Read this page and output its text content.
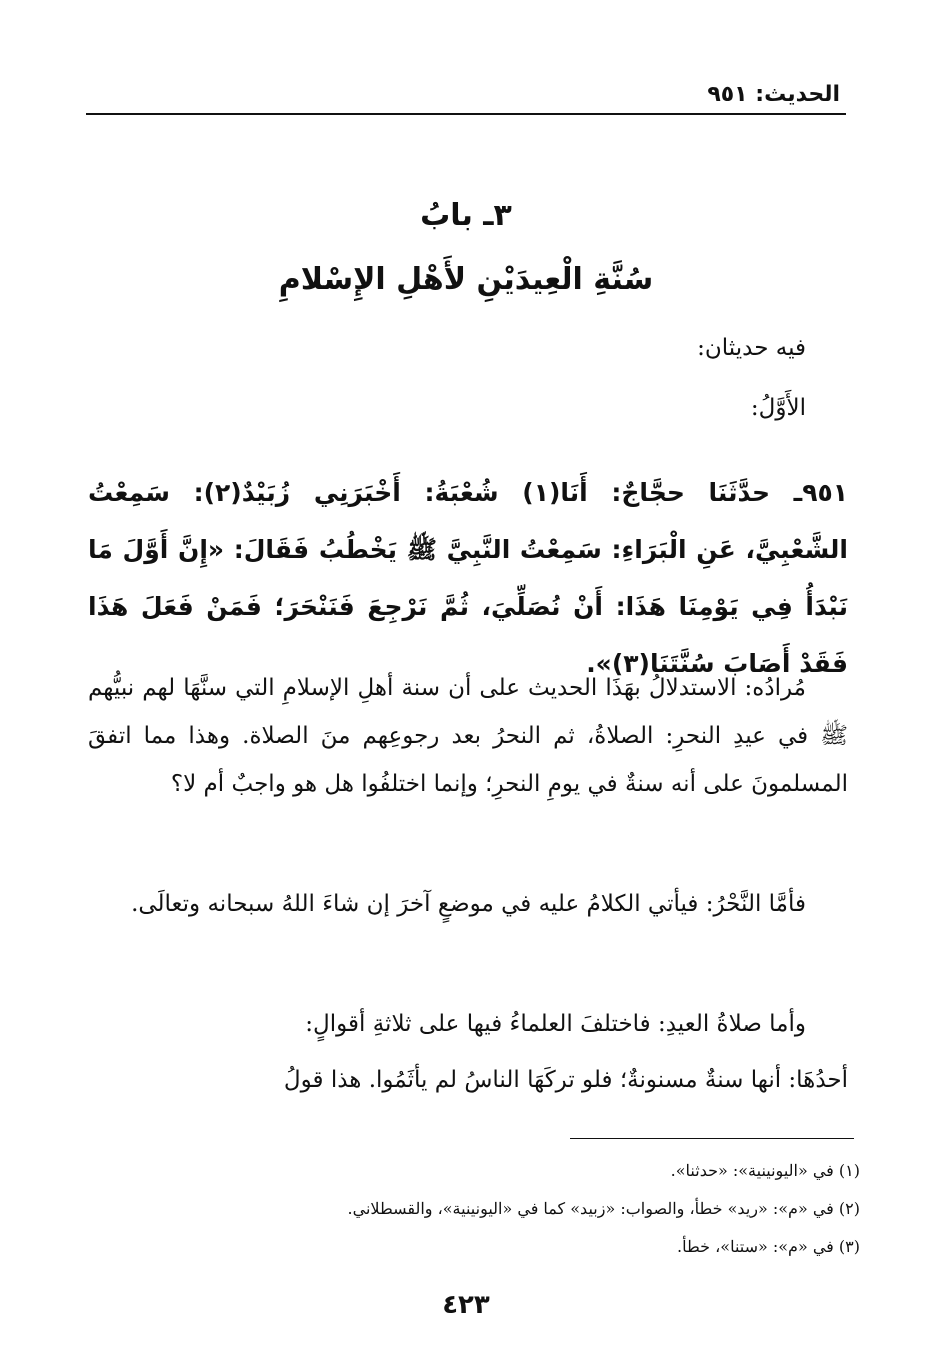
الحديث: ٩٥١
٣ـ بابُ
سُنَّةِ الْعِيدَيْنِ لأَهْلِ الإِسْلامِ
فيه حديثان:
الأَوَّلُ:
٩٥١ـ حدَّثَنَا حجَّاجٌ: أَنَا(١) شُعْبَةُ: أَخْبَرَنِي زُبَيْدٌ(٢): سَمِعْتُ الشَّعْبِيَّ، عَنِ الْبَرَاءِ: سَمِعْتُ النَّبِيَّ ﷺ يَخْطُبُ فَقَالَ: «إِنَّ أَوَّلَ مَا نَبْدَأُ فِي يَوْمِنَا هَذَا: أَنْ نُصَلِّيَ، ثُمَّ نَرْجِعَ فَنَنْحَرَ؛ فَمَنْ فَعَلَ هَذَا فَقَدْ أَصَابَ سُنَّتَنَا(٣)».
مُرادُه: الاستدلالُ بهَذَا الحديث على أن سنة أهلِ الإسلامِ التي سنَّهَا لهم نبيُّهم ﷺ في عيدِ النحرِ: الصلاةُ، ثم النحرُ بعد رجوعِهم منَ الصلاة. وهذا مما اتفقَ المسلمونَ على أنه سنةٌ في يومِ النحرِ؛ وإنما اختلفُوا هل هو واجبٌ أم لا؟
فأمَّا النَّحْرُ: فيأتي الكلامُ عليه في موضعٍ آخرَ إن شاءَ اللهُ سبحانه وتعالَى.
وأما صلاةُ العيدِ: فاختلفَ العلماءُ فيها على ثلاثةِ أقوالٍ:
أحدُهَا: أنها سنةٌ مسنونةٌ؛ فلو تركَهَا الناسُ لم يأثَمُوا. هذا قولُ
(١) في «اليونينية»: «حدثنا».
(٢) في «م»: «ريد» خطأ، والصواب: «زبيد» كما في «اليونينية»، والقسطلاني.
(٣) في «م»: «ستنا»، خطأ.
٤٢٣
